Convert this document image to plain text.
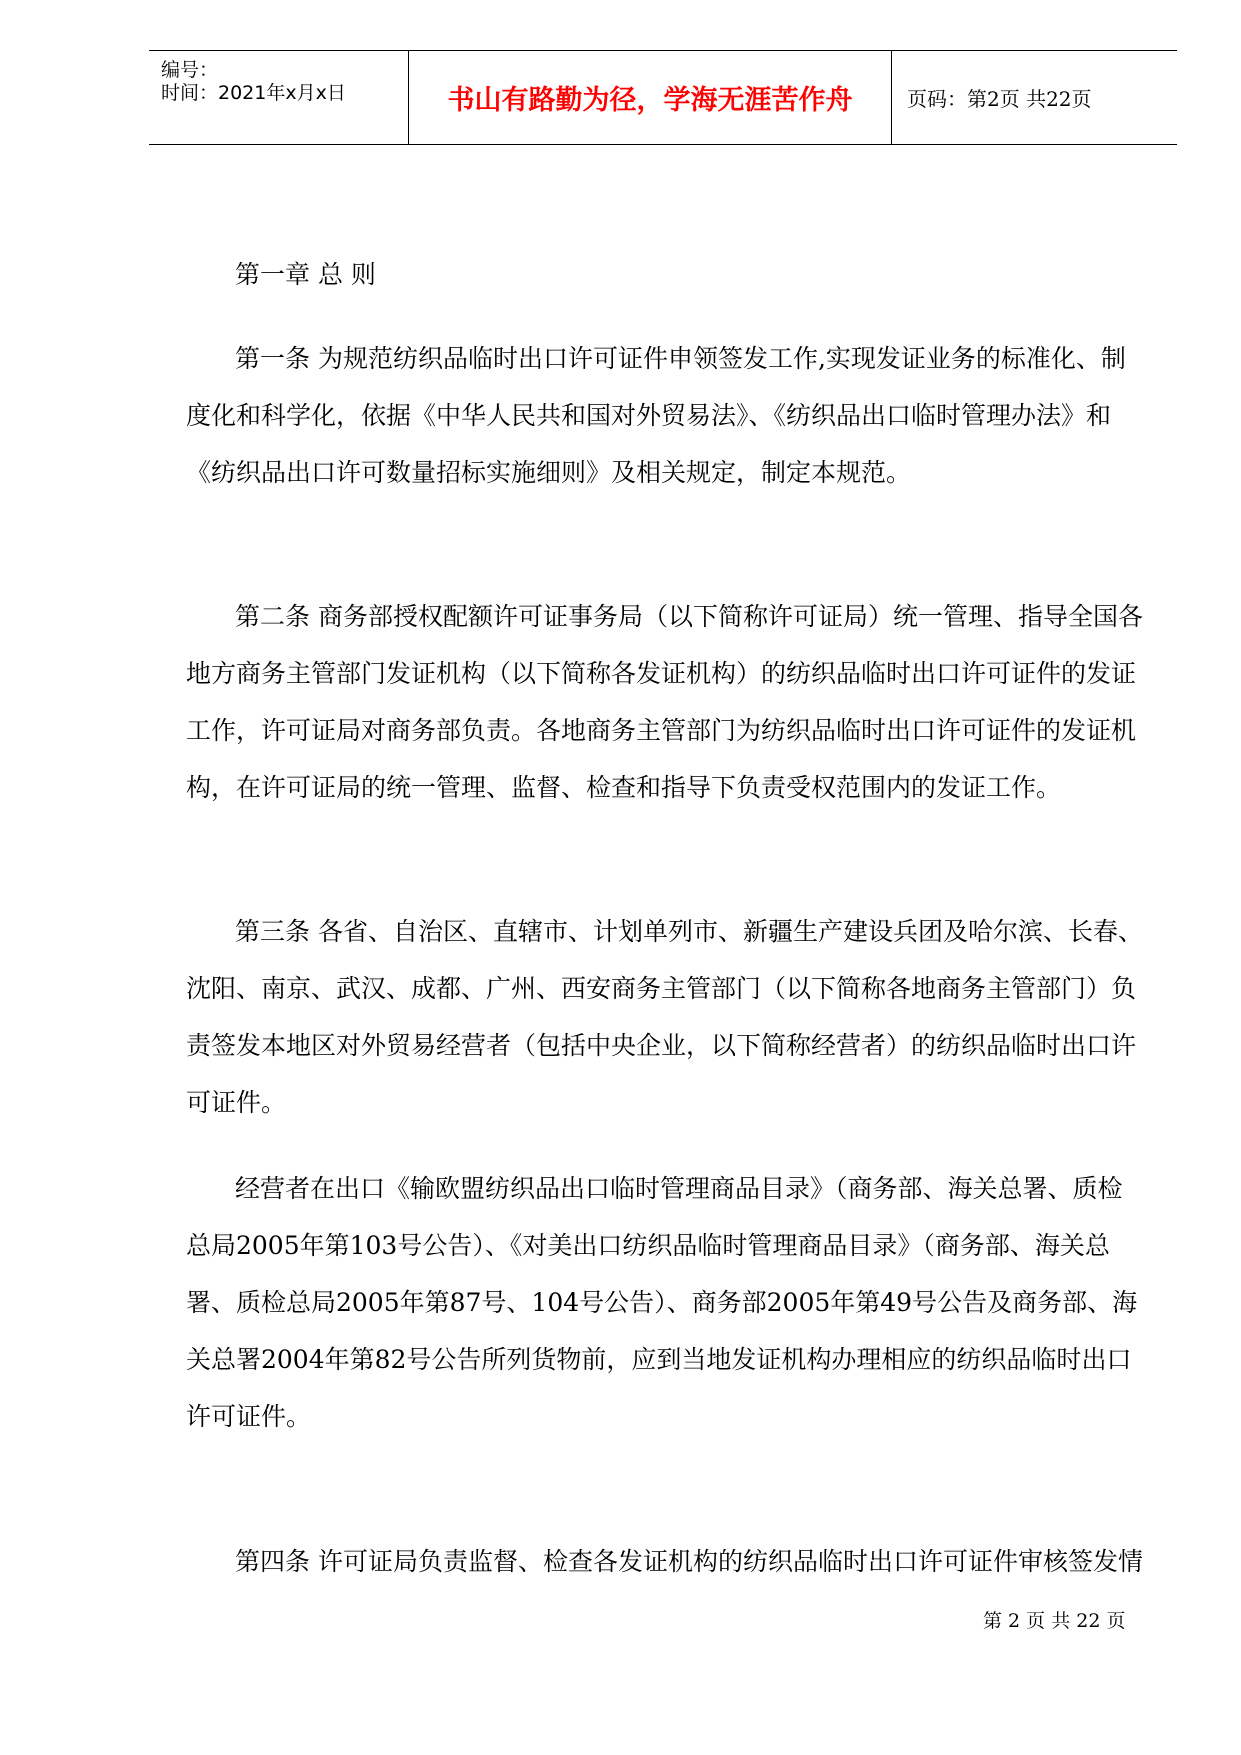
编号：
时间：2021年x月x日	书山有路勤为径，学海无涯苦作舟	页码：第2页 共22页
第一章 总 则
第一条 为规范纺织品临时出口许可证件申领签发工作,实现发证业务的标准化、制度化和科学化，依据《中华人民共和国对外贸易法》、《纺织品出口临时管理办法》和《纺织品出口许可数量招标实施细则》及相关规定，制定本规范。
第二条 商务部授权配额许可证事务局（以下简称许可证局）统一管理、指导全国各地方商务主管部门发证机构（以下简称各发证机构）的纺织品临时出口许可证件的发证工作，许可证局对商务部负责。各地商务主管部门为纺织品临时出口许可证件的发证机构，在许可证局的统一管理、监督、检查和指导下负责受权范围内的发证工作。
第三条 各省、自治区、直辖市、计划单列市、新疆生产建设兵团及哈尔滨、长春、沈阳、南京、武汉、成都、广州、西安商务主管部门（以下简称各地商务主管部门）负责签发本地区对外贸易经营者（包括中央企业，以下简称经营者）的纺织品临时出口许可证件。
经营者在出口《输欧盟纺织品出口临时管理商品目录》（商务部、海关总署、质检总局2005年第103号公告）、《对美出口纺织品临时管理商品目录》（商务部、海关总署、质检总局2005年第87号、104号公告）、商务部2005年第49号公告及商务部、海关总署2004年第82号公告所列货物前，应到当地发证机构办理相应的纺织品临时出口许可证件。
第四条 许可证局负责监督、检查各发证机构的纺织品临时出口许可证件审核签发情
第 2 页 共 22 页
